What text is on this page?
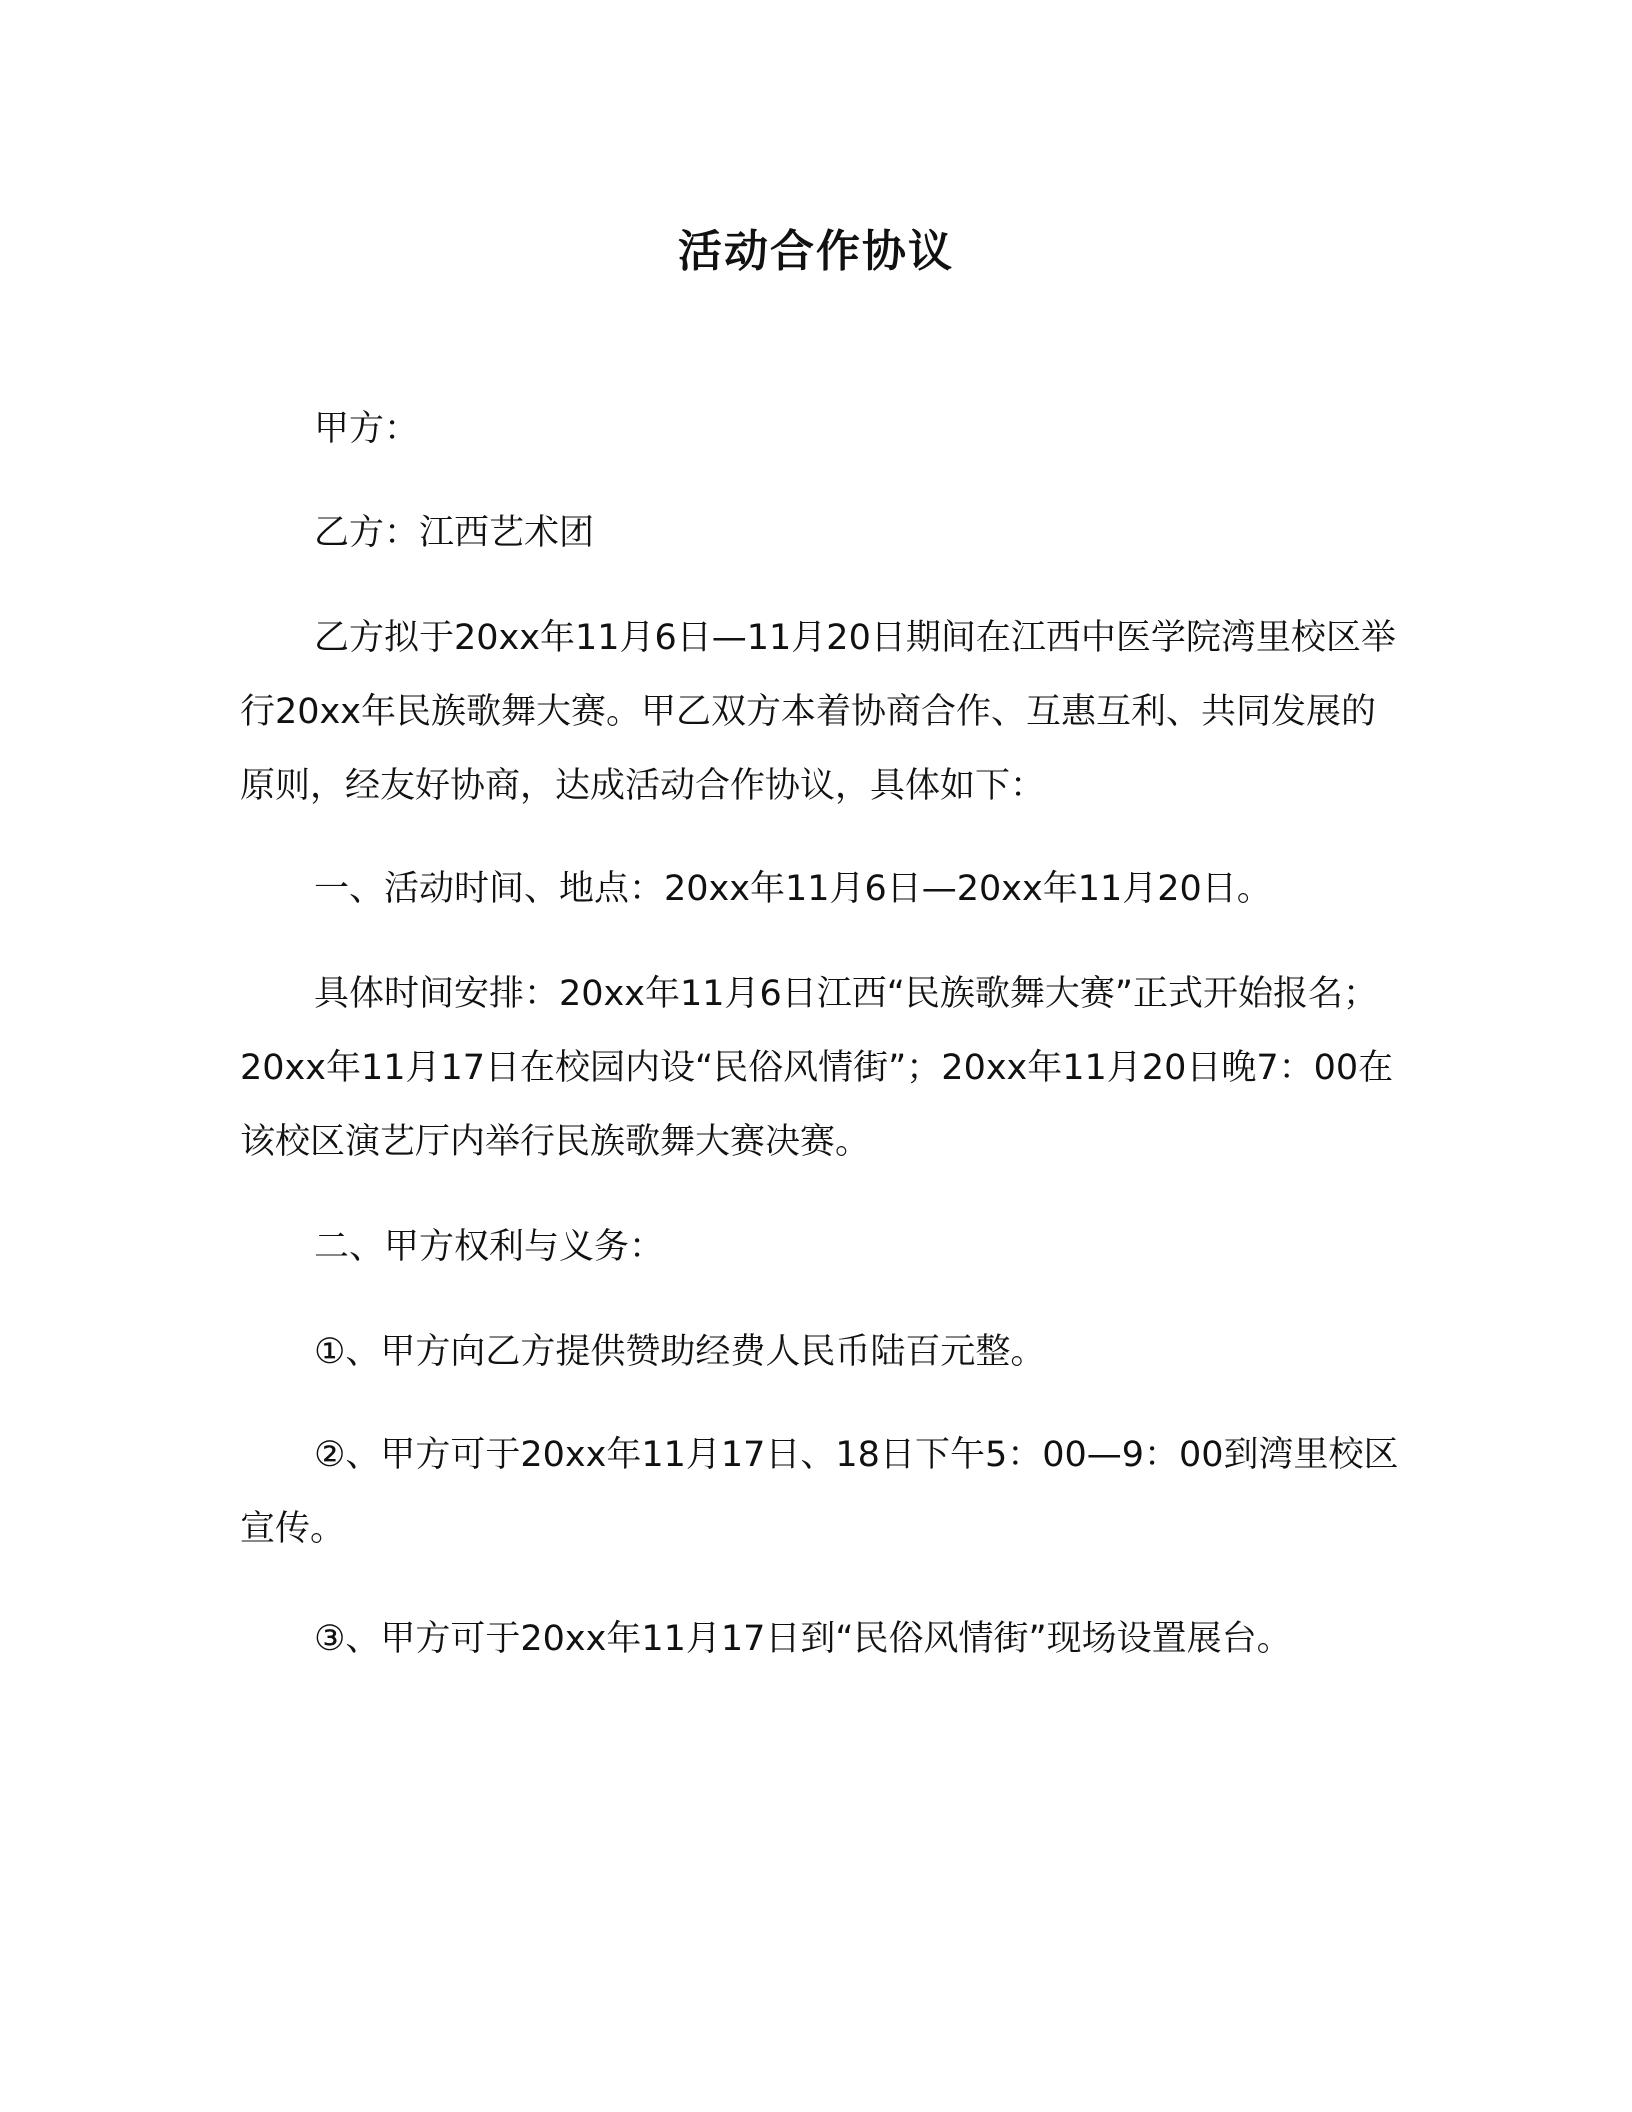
活动合作协议

甲方：

乙方：江西艺术团

乙方拟于20xx年11月6日—11月20日期间在江西中医学院湾里校区举行20xx年民族歌舞大赛。甲乙双方本着协商合作、互惠互利、共同发展的原则，经友好协商，达成活动合作协议，具体如下：

一、活动时间、地点：20xx年11月6日—20xx年11月20日。

具体时间安排：20xx年11月6日江西“民族歌舞大赛”正式开始报名；20xx年11月17日在校园内设“民俗风情街”；20xx年11月20日晚7：00在该校区演艺厅内举行民族歌舞大赛决赛。

二、甲方权利与义务：

①、甲方向乙方提供赞助经费人民币陆百元整。

②、甲方可于20xx年11月17日、18日下午5：00—9：00到湾里校区宣传。

③、甲方可于20xx年11月17日到“民俗风情街”现场设置展台。
